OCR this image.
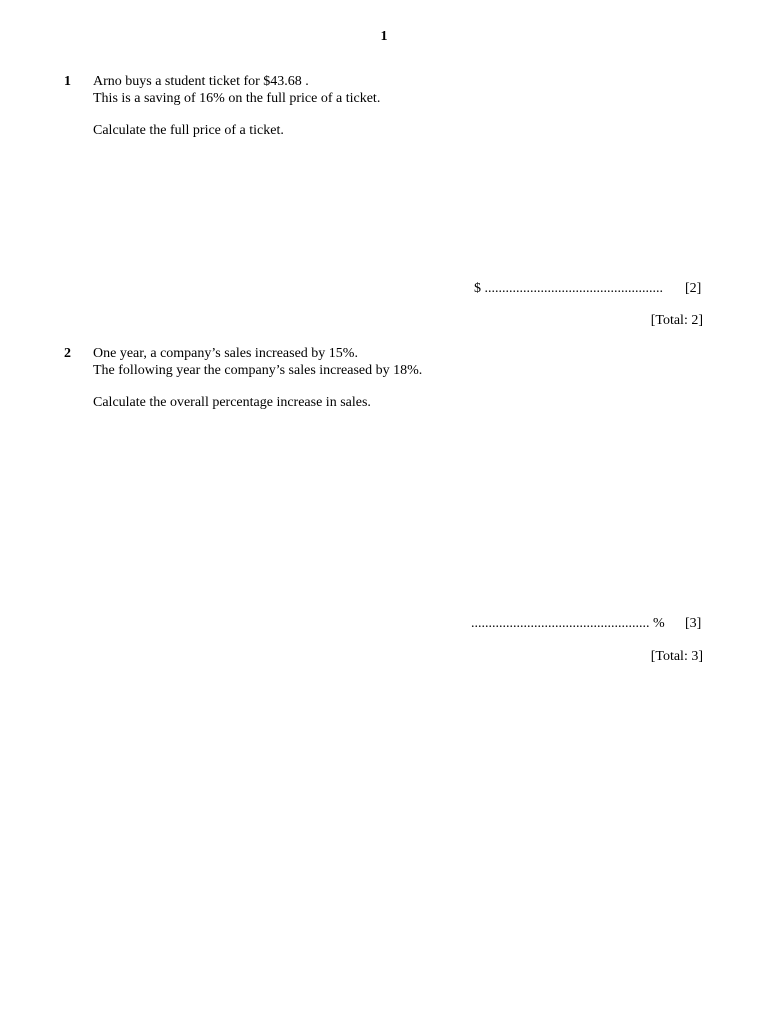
1
1 Arno buys a student ticket for $43.68 .
This is a saving of 16% on the full price of a ticket.
Calculate the full price of a ticket.
$ ................................................... [2]
[Total: 2]
2 One year, a company’s sales increased by 15%.
The following year the company’s sales increased by 18%.
Calculate the overall percentage increase in sales.
................................................... % [3]
[Total: 3]
